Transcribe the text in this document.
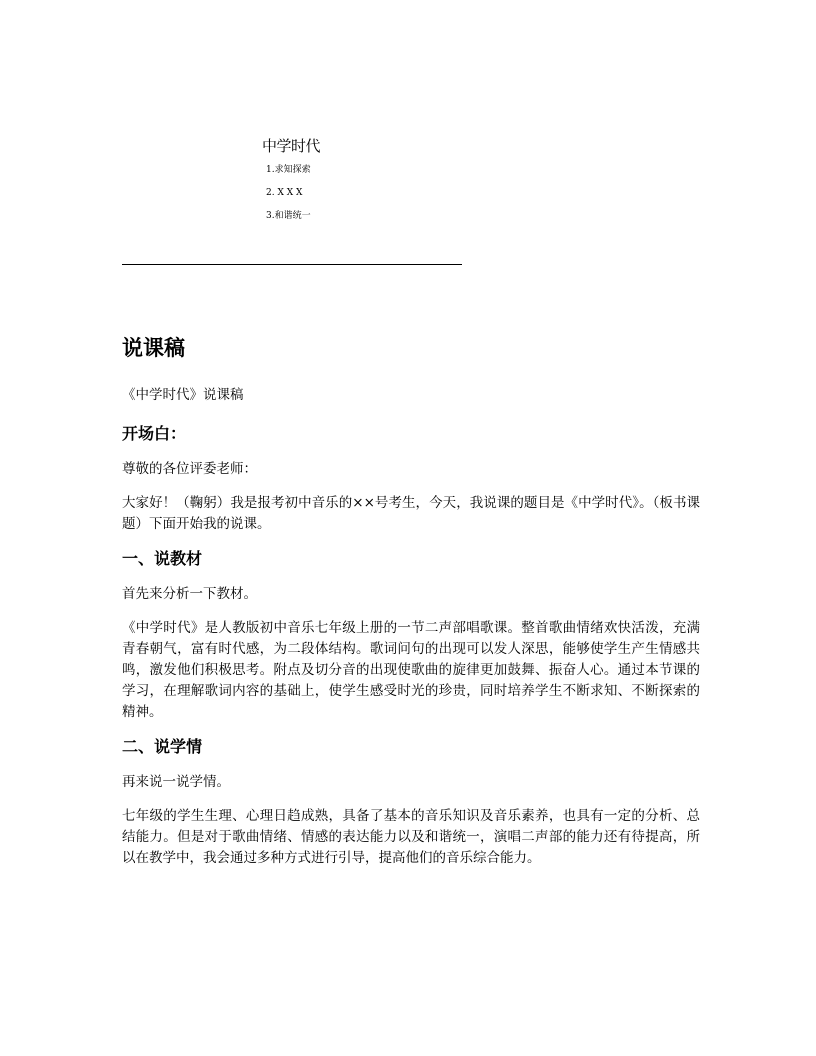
中学时代
1.求知探索
2. X X X
3.和谐统一
说课稿

《中学时代》说课稿

开场白：

尊敬的各位评委老师：

大家好！（鞠躬）我是报考初中音乐的××号考生，今天，我说课的题目是《中学时代》。（板书课题）下面开始我的说课。

一、说教材

首先来分析一下教材。

《中学时代》是人教版初中音乐七年级上册的一节二声部唱歌课。整首歌曲情绪欢快活泼，充满青春朝气，富有时代感，为二段体结构。歌词问句的出现可以发人深思，能够使学生产生情感共鸣，激发他们积极思考。附点及切分音的出现使歌曲的旋律更加鼓舞、振奋人心。通过本节课的学习，在理解歌词内容的基础上，使学生感受时光的珍贵，同时培养学生不断求知、不断探索的精神。

二、说学情

再来说一说学情。

七年级的学生生理、心理日趋成熟，具备了基本的音乐知识及音乐素养，也具有一定的分析、总结能力。但是对于歌曲情绪、情感的表达能力以及和谐统一，演唱二声部的能力还有待提高，所以在教学中，我会通过多种方式进行引导，提高他们的音乐综合能力。
